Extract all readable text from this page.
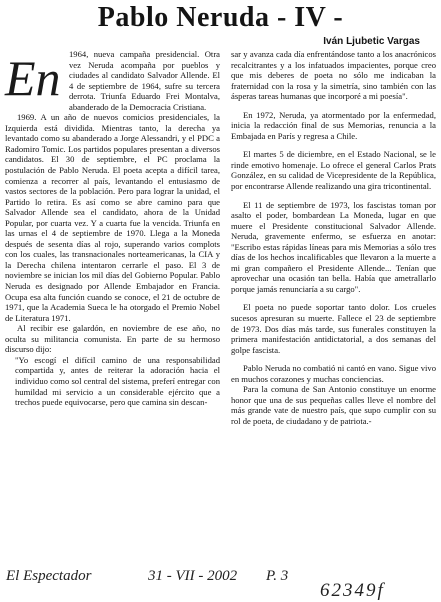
Pablo Neruda - IV -
Iván Ljubetic Vargas
En 1964, nueva campaña presidencial. Otra vez Neruda acompaña por pueblos y ciudades al candidato Salvador Allende. El 4 de septiembre de 1964, sufre su tercera derrota. Triunfa Eduardo Frei Montalva, abanderado de la Democracia Cristiana.

1969. A un año de nuevos comicios presidenciales, la Izquierda está dividida. Mientras tanto, la derecha ya levantado como su abanderado a Jorge Alessandri, y el PDC a Radomiro Tomic. Los partidos populares presentan a diversos candidatos. El 30 de septiembre, el PC proclama la postulación de Pablo Neruda. El poeta acepta a difícil tarea, comienza a recorrer al país, levantando el entusiasmo de vastos sectores de la población. Pero para lograr la unidad, el Partido lo retira. Es así como se abre camino para que Salvador Allende sea el candidato, ahora de la Unidad Popular, por cuarta vez. Y a cuarta fue la vencida. Triunfa en las urnas el 4 de septiembre de 1970. Llega a la Moneda después de sesenta días al rojo, superando varios complots con los cuales, las transnacionales norteamericanas, la CIA y la Derecha chilena intentaron cerrarle el paso. El 3 de noviembre se inician los mil días del Gobierno Popular. Pablo Neruda es designado por Allende Embajador en Francia. Ocupa esa alta función cuando se conoce, el 21 de octubre de 1971, que la Academia Sueca le ha otorgado el Premio Nobel de Literatura 1971.

Al recibir ese galardón, en noviembre de ese año, no oculta su militancia comunista. En parte de su hermoso discurso dijo:

"Yo escogí el difícil camino de una responsabilidad compartida y, antes de reiterar la adoración hacia el individuo como sol central del sistema, preferí entregar con humildad mi servicio a un considerable ejército que a trechos puede equivocarse, pero que camina sin descan-

sar y avanza cada día enfrentándose tanto a los anacrónicos recalcitrantes y a los infatuados impacientes, porque creo que mis deberes de poeta no sólo me indicaban la fraternidad con la rosa y la simetría, sino también con las ásperas tareas humanas que incorporé a mi poesía".

En 1972, Neruda, ya atormentado por la enfermedad, inicia la redacción final de sus Memorias, renuncia a la Embajada en París y regresa a Chile.

El martes 5 de diciembre, en el Estado Nacional, se le rinde emotivo homenaje. Lo ofrece el general Carlos Prats González, en su calidad de Vicepresidente de la República, por encontrarse Allende realizando una gira tricontinental.

El 11 de septiembre de 1973, los fascistas toman por asalto el poder, bombardean La Moneda, lugar en que muere el Presidente constitucional Salvador Allende. Neruda, gravemente enfermo, se esfuerza en anotar: "Escribo estas rápidas líneas para mis Memorias a sólo tres días de los hechos incalificables que llevaron a la muerte a mi gran compañero el Presidente Allende... Tenían que aprovechar una ocasión tan bella. Había que ametrallarlo porque jamás renunciaría a su cargo".

El poeta no puede soportar tanto dolor. Los crueles sucesos apresuran su muerte. Fallece el 23 de septiembre de 1973. Dos días más tarde, sus funerales constituyen la primera manifestación antidictatorial, a dos semanas del golpe fascista.

Pablo Neruda no combatió ni cantó en vano. Sigue vivo en muchos corazones y muchas conciencias.

Para la comuna de San Antonio constituye un enorme honor que una de sus pequeñas calles lleve el nombre del más grande vate de nuestro país, que supo cumplir con su rol de poeta, de ciudadano y de patriota.-

El Espectador	31 - VII - 2002 P. 3
62349f
